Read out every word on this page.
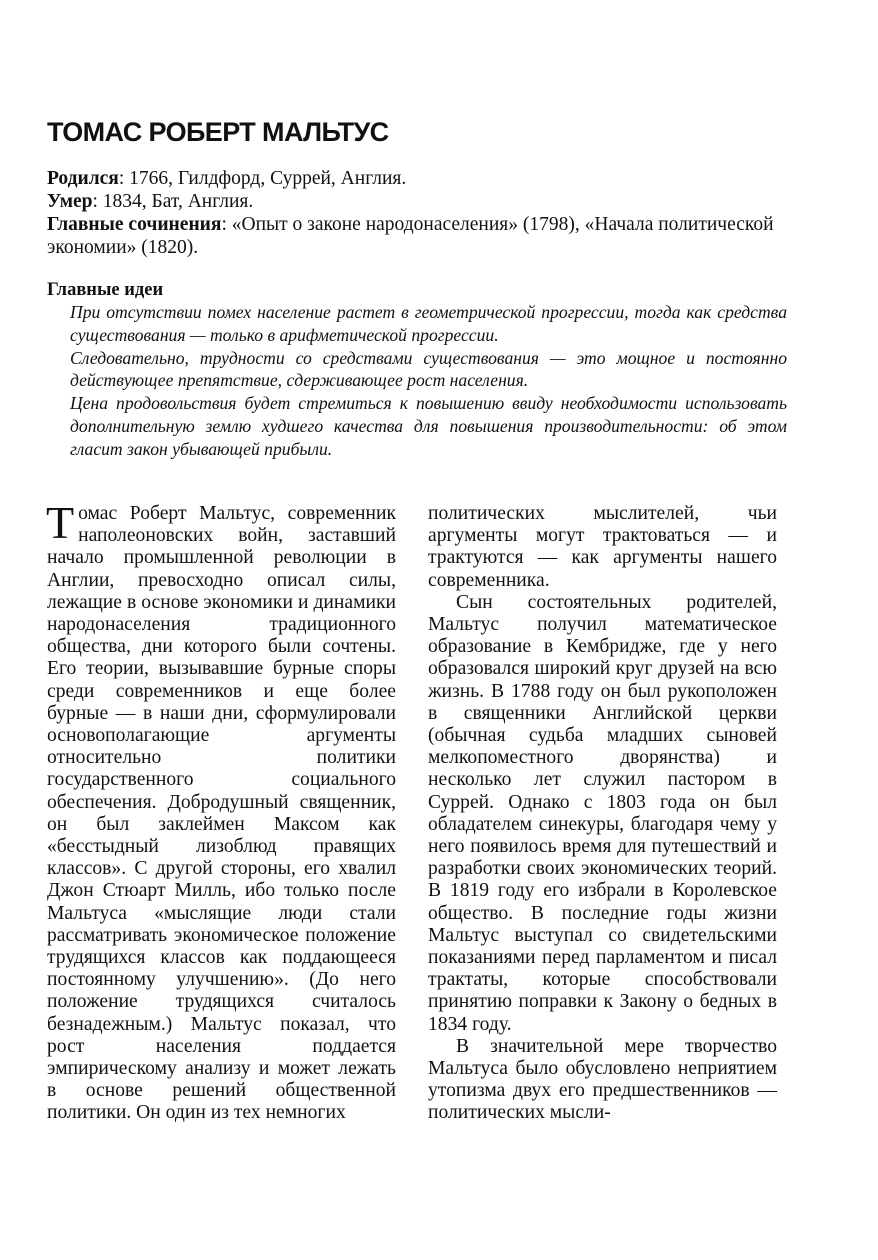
ТОМАС РОБЕРТ МАЛЬТУС

Родился: 1766, Гилдфорд, Суррей, Англия.

Умер: 1834, Бат, Англия.

Главные сочинения: «Опыт о законе народонаселения» (1798), «Начала политической экономии» (1820).

Главные идеи

При отсутствии помех население растет в геометрической прогрессии, тогда как средства существования — только в арифметической прогрессии.

Следовательно, трудности со средствами существования — это мощное и постоянно действующее препятствие, сдерживающее рост населения.

Цена продовольствия будет стремиться к повышению ввиду необходимости использовать дополнительную землю худшего качества для повышения производительности: об этом гласит закон убывающей прибыли.

Томас Роберт Мальтус, современник наполеоновских войн, заставший начало промышленной революции в Англии, превосходно описал силы, лежащие в основе экономики и динамики народонаселения традиционного общества, дни которого были сочтены. Его теории, вызывавшие бурные споры среди современников и еще более бурные — в наши дни, сформулировали основополагающие аргументы относительно политики государственного социального обеспечения. Добродушный священник, он был заклеймен Максом как «бесстыдный лизоблюд правящих классов». С другой стороны, его хвалил Джон Стюарт Милль, ибо только после Мальтуса «мыслящие люди стали рассматривать экономическое положение трудящихся классов как поддающееся постоянному улучшению». (До него положение трудящихся считалось безнадежным.) Мальтус показал, что рост населения поддается эмпирическому анализу и может лежать в основе решений общественной политики. Он один из тех немногих

политических мыслителей, чьи аргументы могут трактоваться — и трактуются — как аргументы нашего современника.

Сын состоятельных родителей, Мальтус получил математическое образование в Кембридже, где у него образовался широкий круг друзей на всю жизнь. В 1788 году он был рукоположен в священники Английской церкви (обычная судьба младших сыновей мелкопоместного дворянства) и несколько лет служил пастором в Суррей. Однако с 1803 года он был обладателем синекуры, благодаря чему у него появилось время для путешествий и разработки своих экономических теорий. В 1819 году его избрали в Королевское общество. В последние годы жизни Мальтус выступал со свидетельскими показаниями перед парламентом и писал трактаты, которые способствовали принятию поправки к Закону о бедных в 1834 году.

В значительной мере творчество Мальтуса было обусловлено неприятием утопизма двух его предшественников — политических мысли-
